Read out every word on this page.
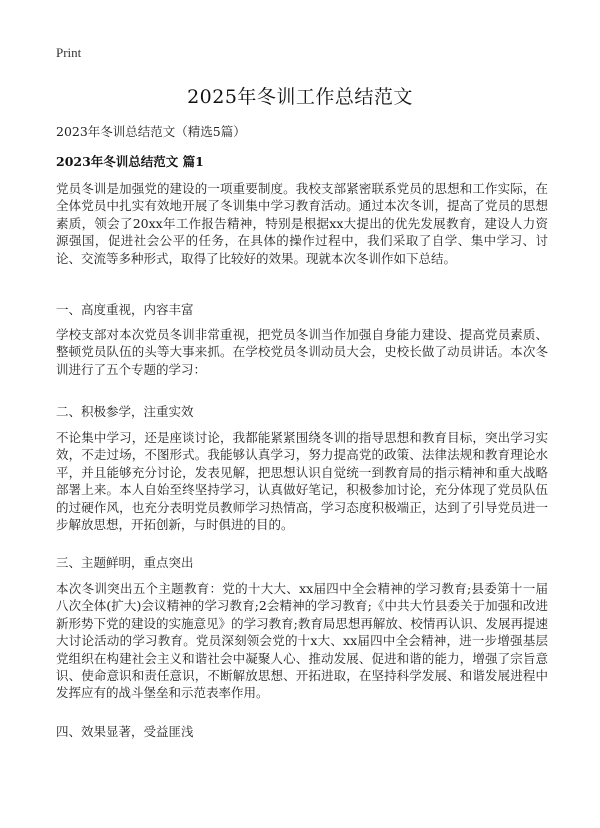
Print
2025年冬训工作总结范文
2023年冬训总结范文（精选5篇）
2023年冬训总结范文 篇1

党员冬训是加强党的建设的一项重要制度。我校支部紧密联系党员的思想和工作实际，在全体党员中扎实有效地开展了冬训集中学习教育活动。通过本次冬训，提高了党员的思想素质，领会了20xx年工作报告精神，特别是根据xx大提出的优先发展教育，建设人力资源强国，促进社会公平的任务，在具体的操作过程中，我们采取了自学、集中学习、讨论、交流等多种形式，取得了比较好的效果。现就本次冬训作如下总结。

一、高度重视，内容丰富

学校支部对本次党员冬训非常重视，把党员冬训当作加强自身能力建设、提高党员素质、整顿党员队伍的头等大事来抓。在学校党员冬训动员大会，史校长做了动员讲话。本次冬训进行了五个专题的学习：

二、积极参学，注重实效

不论集中学习，还是座谈讨论，我都能紧紧围绕冬训的指导思想和教育目标，突出学习实效，不走过场，不图形式。我能够认真学习，努力提高党的政策、法律法规和教育理论水平，并且能够充分讨论，发表见解，把思想认识自觉统一到教育局的指示精神和重大战略部署上来。本人自始至终坚持学习，认真做好笔记，积极参加讨论，充分体现了党员队伍的过硬作风，也充分表明党员教师学习热情高，学习态度积极端正，达到了引导党员进一步解放思想，开拓创新，与时俱进的目的。

三、主题鲜明，重点突出

本次冬训突出五个主题教育：党的十大大、xx届四中全会精神的学习教育;县委第十一届八次全体(扩大)会议精神的学习教育;2会精神的学习教育;《中共大竹县委关于加强和改进新形势下党的建设的实施意见》的学习教育;教育局思想再解放、校情再认识、发展再提速大讨论活动的学习教育。党员深刻领会党的十x大、xx届四中全会精神，进一步增强基层党组织在构建社会主义和谐社会中凝聚人心、推动发展、促进和谐的能力，增强了宗旨意识、使命意识和责任意识，不断解放思想、开拓进取，在坚持科学发展、和谐发展进程中发挥应有的战斗堡垒和示范表率作用。

四、效果显著，受益匪浅
